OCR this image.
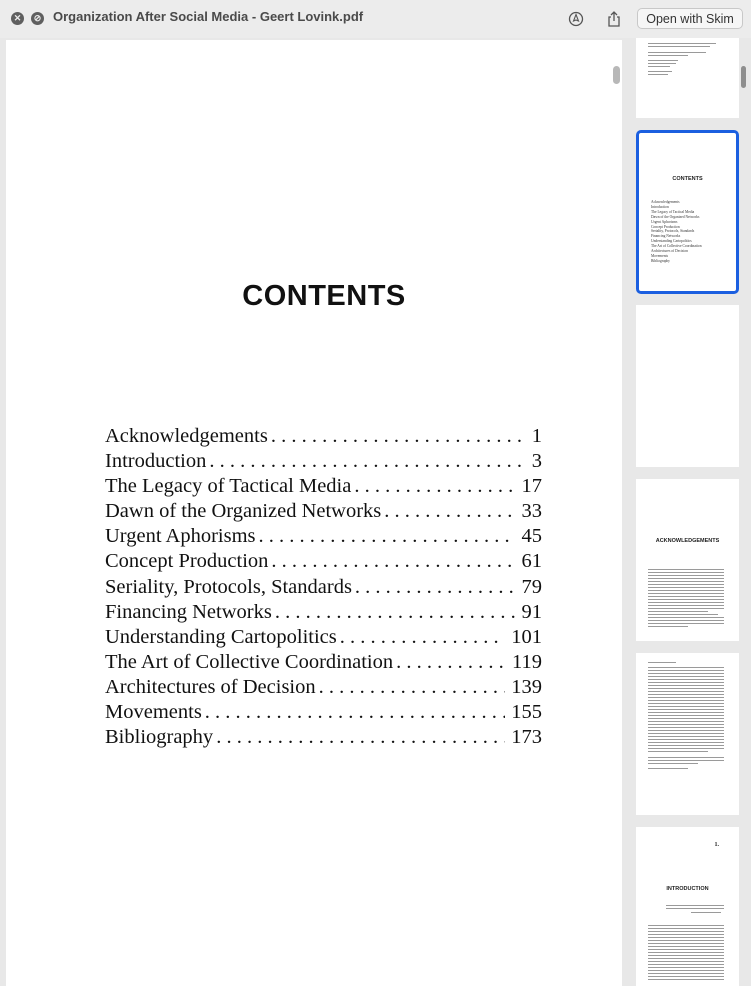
✕	⊘ Organization After Social Media - Geert Lovink.pdf	Open with Skim
CONTENTS
Acknowledgements . . .	1
Introduction . . .	3
The Legacy of Tactical Media . . .	17
Dawn of the Organized Networks . . .	33
Urgent Aphorisms . . .	45
Concept Production . . .	61
Seriality, Protocols, Standards . . .	79
Financing Networks . . .	91
Understanding Cartopolitics . . .	101
The Art of Collective Coordination . . .	119
Architectures of Decision . . .	139
Movements . . .	155
Bibliography . . .	173
CONTENTS
Acknowledgements
Introduction
The Legacy of Tactical Media
Dawn of the Organized Networks
Urgent Aphorisms
Concept Production
Seriality, Protocols, Standards
Financing Networks
Understanding Cartopolitics
The Art of Collective Coordination
Architectures of Decision
Movements
Bibliography
ACKNOWLEDGEMENTS
1.
INTRODUCTION
